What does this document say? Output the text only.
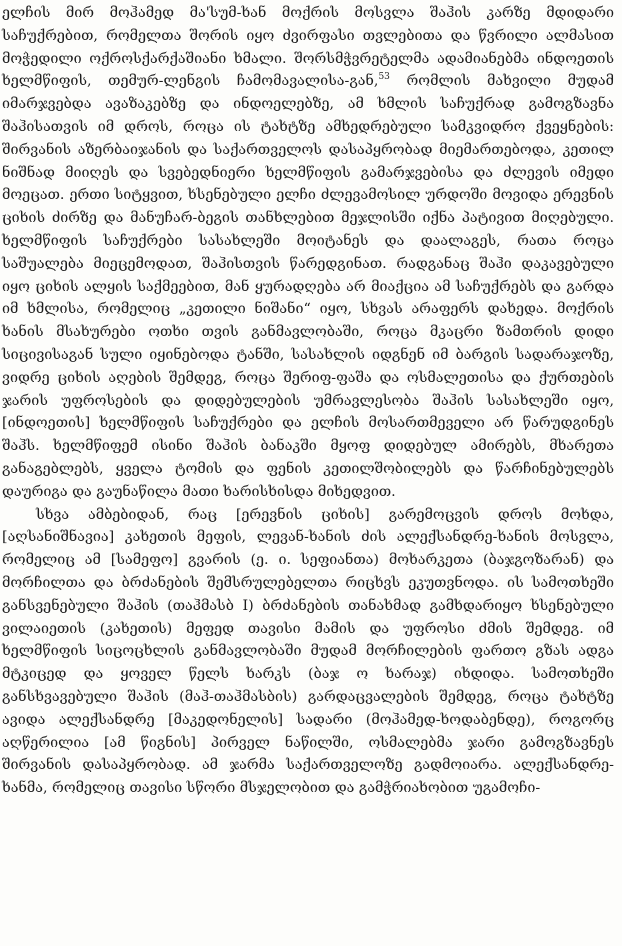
ელჩის მირ მოჰამედ მა'სუმ-ხან მოქრის მოსვლა შაჰის კარზე მდიდარი საჩუქრებით, რომელთა შორის იყო ძვირფასი თვლებითა და წვრილი ალმასით მოჭედილი ოქროსქარქაშიანი ხმალი. შორსმჭვრეტელმა ადამიანებმა ინდოეთის ხელმწიფის, თემურ-ლენგის ჩამომავალისა-გან,$^{53}$ რომლის მახვილი მუდამ იმარჯვებდა ავაზაკებზე და ინდოელებზე, ამ ხმლის საჩუქრად გამოგზავნა შაჰისათვის იმ დროს, როცა ის ტახტზე ამხედრებული სამკვიდრო ქვეყნების: შირვანის აზერბაიჯანის და საქართველოს დასაპყრობად მიემართებოდა, კეთილ ნიშნად მიიღეს და სვებედნიერი ხელმწიფის გამარჯვებისა და ძლევის იმედი მოეცათ. ერთი სიტყვით, ხსენებული ელჩი ძლევამოსილ ურდოში მოვიდა ერევნის ციხის ძირზე და მანუჩარ-ბეგის თანხლებით მეჯლისში იქნა პატივით მიღებული. ხელმწიფის საჩუქრები სასახლეში მოიტანეს და დაალაგეს, რათა როცა საშუალება მიეცემოდათ, შაჰისთვის წარედგინათ. რადგანაც შაჰი დაკავებული იყო ციხის ალყის საქმეებით, მან ყურადღება არ მიაქცია ამ საჩუქრებს და გარდა იმ ხმლისა, რომელიც „კეთილი ნიშანი“ იყო, სხვას არაფერს დახედა. მოქრის ხანის მსახურები ოთხი თვის განმავლობაში, როცა მკაცრი ზამთრის დიდი სიცივისაგან სული იყინებოდა ტანში, სასახლის იდგნენ იმ ბარგის სადარაჯოზე, ვიდრე ციხის აღების შემდეგ, როცა შერიფ-ფაშა და ოსმალეთისა და ქურთების ჯარის უფროსების და დიდებულების უმრავლესობა შაჰის სასახლეში იყო, [ინდოეთის] ხელმწიფის საჩუქრები და ელჩის მოსართმეველი არ წარუდგინეს შაჰს. ხელმწიფემ ისინი შაჰის ბანაკში მყოფ დიდებულ ამირებს, მხარეთა განაგებლებს, ყველა ტომის და ფენის კეთილშობილებს და წარჩინებულებს დაურიგა და გაუნაწილა მათი ხარისხისდა მიხედვით.

სხვა ამბებიდან, რაც [ერევნის ციხის] გარემოცვის დროს მოხდა, [აღსანიშნავია] კახეთის მეფის, ლევან-ხანის ძის ალექსანდრე-ხანის მოსვლა, რომელიც ამ [სამეფო] გვარის (ე. ი. სეფიანთა) მოხარკეთა (ბაჯგოზარან) და მორჩილთა და ბრძანების შემსრულებელთა რიცხვს ეკუთვნოდა. ის სამოთხეში განსვენებული შაჰის (თაჰმასბ I) ბრძანების თანახმად გამხდარიყო ხსენებული ვილაიეთის (კახეთის) მეფედ თავისი მამის და უფროსი ძმის შემდეგ. იმ ხელმწიფის სიცოცხლის განმავლობაში მუდამ მორჩილების ფართო გზას ადგა მტკიცედ და ყოველ წელს ხარკს (ბაჯ ო ხარაჯ) იხდიდა. სამოთხეში განსხვავებული შაჰის (მაჰ-თაჰმასბის) გარდაცვალების შემდეგ, როცა ტახტზე ავიდა ალექსანდრე [მაკედონელის] სადარი (მოჰამედ-ხოდაბენდე), როგორც აღწერილია [ამ წიგნის] პირველ ნაწილში, ოსმალებმა ჯარი გამოგზავნეს შირვანის დასაპყრობად. ამ ჯარმა საქართველოზე გადმოიარა. ალექსანდრე-ხანმა, რომელიც თავისი სწორი მსჯელობით და გამჭრიახობით უგამოჩი-
